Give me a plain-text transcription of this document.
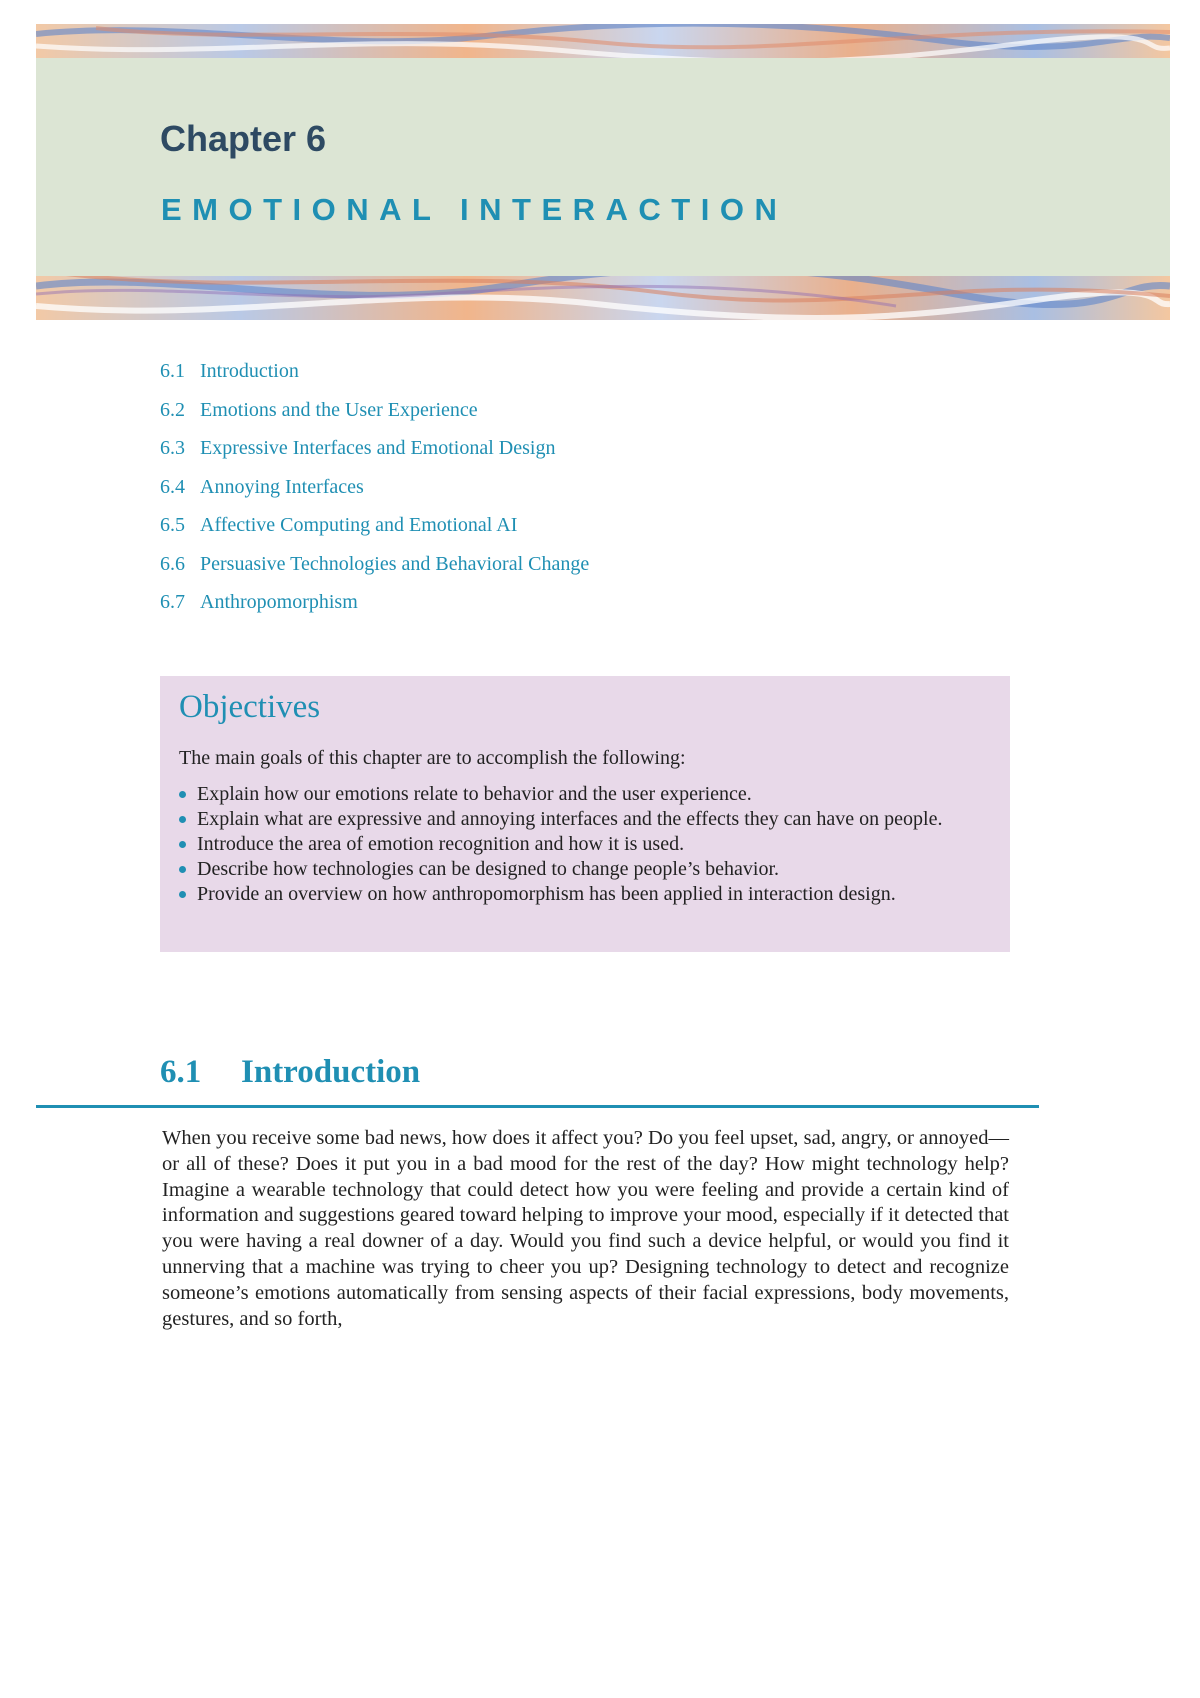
Chapter 6
EMOTIONAL INTERACTION
6.1 Introduction
6.2 Emotions and the User Experience
6.3 Expressive Interfaces and Emotional Design
6.4 Annoying Interfaces
6.5 Affective Computing and Emotional AI
6.6 Persuasive Technologies and Behavioral Change
6.7 Anthropomorphism
Objectives
The main goals of this chapter are to accomplish the following:
Explain how our emotions relate to behavior and the user experience.
Explain what are expressive and annoying interfaces and the effects they can have on people.
Introduce the area of emotion recognition and how it is used.
Describe how technologies can be designed to change people’s behavior.
Provide an overview on how anthropomorphism has been applied in interaction design.
6.1 Introduction

When you receive some bad news, how does it affect you? Do you feel upset, sad, angry, or annoyed—or all of these? Does it put you in a bad mood for the rest of the day? How might technology help? Imagine a wearable technology that could detect how you were feeling and provide a certain kind of information and suggestions geared toward helping to improve your mood, especially if it detected that you were having a real downer of a day. Would you find such a device helpful, or would you find it unnerving that a machine was trying to cheer you up? Designing technology to detect and recognize someone’s emotions automatically from sensing aspects of their facial expressions, body movements, gestures, and so forth,
